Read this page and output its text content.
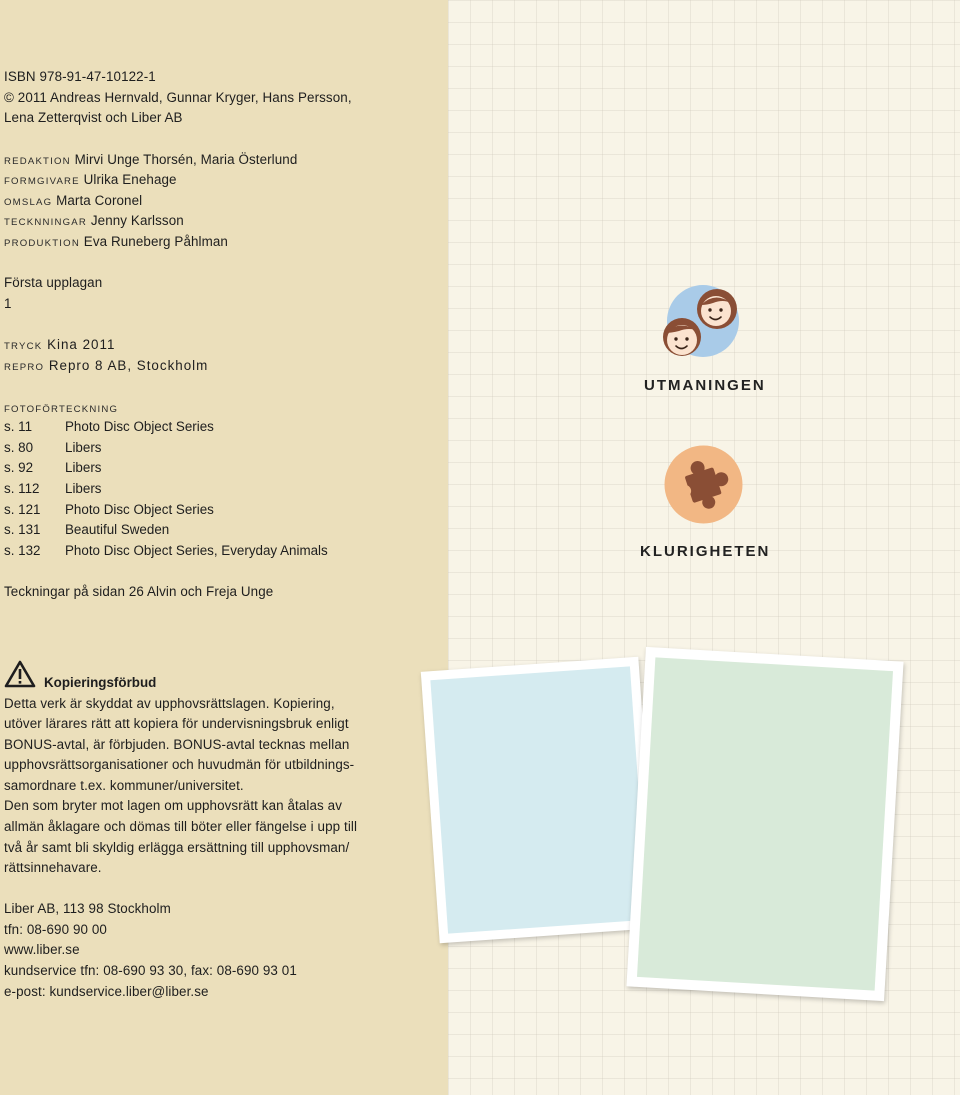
ISBN 978-91-47-10122-1
© 2011 Andreas Hernvald, Gunnar Kryger, Hans Persson,
Lena Zetterqvist och Liber AB
REDAKTION Mirvi Unge Thorsén, Maria Österlund
FORMGIVARE Ulrika Enehage
OMSLAG Marta Coronel
TECKNNINGAR Jenny Karlsson
PRODUKTION Eva Runeberg Påhlman
Första upplagan
1
TRYCK Kina 2011
REPRO Repro 8 AB, Stockholm
FOTOFÖRTECKNING
s. 11 Photo Disc Object Series
s. 80 Libers
s. 92 Libers
s. 112 Libers
s. 121 Photo Disc Object Series
s. 131 Beautiful Sweden
s. 132 Photo Disc Object Series, Everyday Animals
Teckningar på sidan 26 Alvin och Freja Unge
Kopieringsförbud
Detta verk är skyddat av upphovsrättslagen. Kopiering,
utöver lärares rätt att kopiera för undervisningsbruk enligt
BONUS-avtal, är förbjuden. BONUS-avtal tecknas mellan
upphovsrättsorganisationer och huvudmän för utbildnings-
samordnare t.ex. kommuner/universitet.
Den som bryter mot lagen om upphovsrätt kan åtalas av
allmän åklagare och dömas till böter eller fängelse i upp till
två år samt bli skyldig erlägga ersättning till upphovsman/
rättsinnehavare.
Liber AB, 113 98 Stockholm
tfn: 08-690 90 00
www.liber.se
kundservice tfn: 08-690 93 30, fax: 08-690 93 01
e-post: kundservice.liber@liber.se
UTMANINGEN
KLURIGHETEN
